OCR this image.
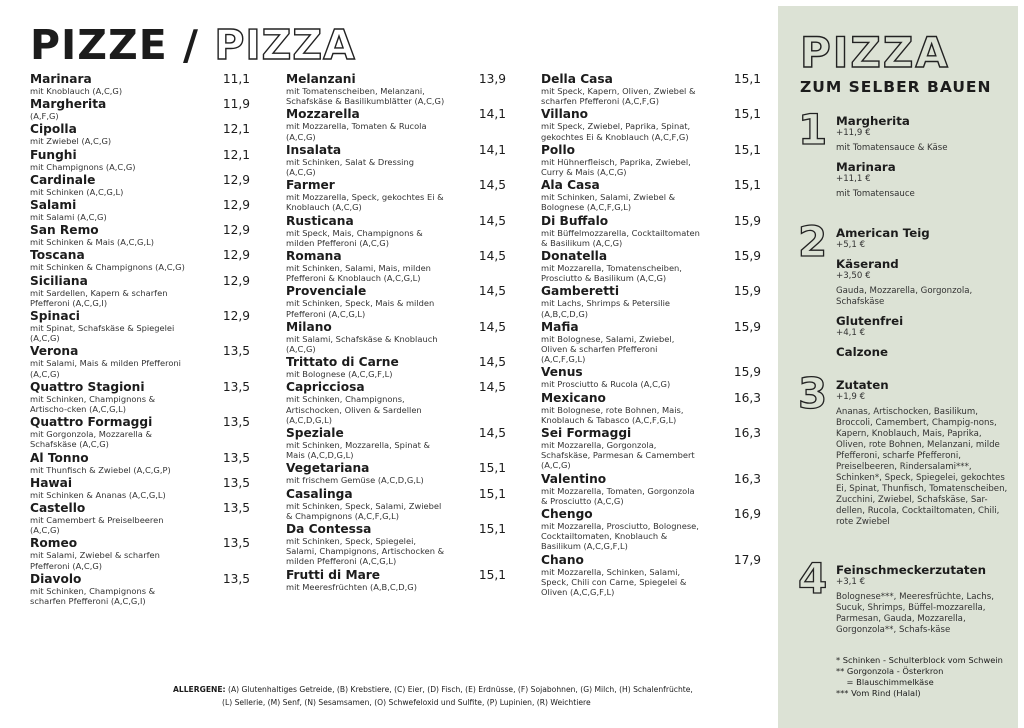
PIZZE / PIZZA
Marinara
mit Knoblauch (A,C,G)
11,1
Margherita
(A,F,G)
11,9
Cipolla
mit Zwiebel (A,C,G)
12,1
Funghi
mit Champignons (A,C,G)
12,1
Cardinale
mit Schinken (A,C,G,L)
12,9
Salami
mit Salami (A,C,G)
12,9
San Remo
mit Schinken & Mais (A,C,G,L)
12,9
Toscana
mit Schinken & Champignons (A,C,G)
12,9
Siciliana
mit Sardellen, Kapern & scharfen Pfefferoni (A,C,G,I)
12,9
Spinaci
mit Spinat, Schafskäse & Spiegelei (A,C,G)
12,9
Verona
mit Salami, Mais & milden Pfefferoni (A,C,G)
13,5
Quattro Stagioni
mit Schinken, Champignons & Artischo-cken (A,C,G,L)
13,5
Quattro Formaggi
mit Gorgonzola, Mozzarella & Schafskäse (A,C,G)
13,5
Al Tonno
mit Thunfisch & Zwiebel (A,C,G,P)
13,5
Hawai
mit Schinken & Ananas (A,C,G,L)
13,5
Castello
mit Camembert & Preiselbeeren (A,C,G)
13,5
Romeo
mit Salami, Zwiebel & scharfen Pfefferoni (A,C,G)
13,5
Diavolo
mit Schinken, Champignons & scharfen Pfefferoni (A,C,G,I)
13,5
Melanzani
mit Tomatenscheiben, Melanzani, Schafskäse & Basilikumblätter (A,C,G)
13,9
Mozzarella
mit Mozzarella, Tomaten & Rucola (A,C,G)
14,1
Insalata
mit Schinken, Salat & Dressing (A,C,G)
14,1
Farmer
mit Mozzarella, Speck, gekochtes Ei & Knoblauch (A,C,G)
14,5
Rusticana
mit Speck, Mais, Champignons & milden Pfefferoni (A,C,G)
14,5
Romana
mit Schinken, Salami, Mais, milden Pfefferoni & Knoblauch (A,C,G,L)
14,5
Provenciale
mit Schinken, Speck, Mais & milden Pfefferoni (A,C,G,L)
14,5
Milano
mit Salami, Schafskäse & Knoblauch (A,C,G)
14,5
Trittato di Carne
mit Bolognese (A,C,G,F,L)
14,5
Capricciosa
mit Schinken, Champignons, Artischocken, Oliven & Sardellen (A,C,D,G,L)
14,5
Speziale
mit Schinken, Mozzarella, Spinat & Mais (A,C,D,G,L)
14,5
Vegetariana
mit frischem Gemüse (A,C,D,G,L)
15,1
Casalinga
mit Schinken, Speck, Salami, Zwiebel & Champignons (A,C,F,G,L)
15,1
Da Contessa
mit Schinken, Speck, Spiegelei, Salami, Champignons, Artischocken & milden Pfefferoni (A,C,G,L)
15,1
Frutti di Mare
mit Meeresfrüchten (A,B,C,D,G)
15,1
Della Casa
mit Speck, Kapern, Oliven, Zwiebel & scharfen Pfefferoni (A,C,F,G)
15,1
Villano
mit Speck, Zwiebel, Paprika, Spinat, gekochtes Ei & Knoblauch (A,C,F,G)
15,1
Pollo
mit Hühnerfleisch, Paprika, Zwiebel, Curry & Mais (A,C,G)
15,1
Ala Casa
mit Schinken, Salami, Zwiebel & Bolognese (A,C,F,G,L)
15,1
Di Buffalo
mit Büffelmozzarella, Cocktailtomaten & Basilikum (A,C,G)
15,9
Donatella
mit Mozzarella, Tomatenscheiben, Prosciutto & Basilikum (A,C,G)
15,9
Gamberetti
mit Lachs, Shrimps & Petersilie (A,B,C,D,G)
15,9
Mafia
mit Bolognese, Salami, Zwiebel, Oliven & scharfen Pfefferoni (A,C,F,G,L)
15,9
Venus
mit Prosciutto & Rucola (A,C,G)
15,9
Mexicano
mit Bolognese, rote Bohnen, Mais, Knoblauch & Tabasco (A,C,F,G,L)
16,3
Sei Formaggi
mit Mozzarella, Gorgonzola, Schafskäse, Parmesan & Camembert (A,C,G)
16,3
Valentino
mit Mozzarella, Tomaten, Gorgonzola & Prosciutto (A,C,G)
16,3
Chengo
mit Mozzarella, Prosciutto, Bolognese, Cocktailtomaten, Knoblauch & Basilikum (A,C,G,F,L)
16,9
Chano
mit Mozzarella, Schinken, Salami, Speck, Chili con Carne, Spiegelei & Oliven (A,C,G,F,L)
17,9
ALLERGENE: (A) Glutenhaltiges Getreide, (B) Krebstiere, (C) Eier, (D) Fisch, (E) Erdnüsse, (F) Sojabohnen, (G) Milch, (H) Schalenfrüchte,
(L) Sellerie, (M) Senf, (N) Sesamsamen, (O) Schwefeloxid und Sulfite, (P) Lupinien, (R) Weichtiere
PIZZA
ZUM SELBER BAUEN
1 Margherita
+11,9 €
mit Tomatensauce & Käse
Marinara
+11,1 €
mit Tomatensauce
2 American Teig
+5,1 €
Käserand
+3,50 €
Gauda, Mozzarella, Gorgonzola, Schafskäse
Glutenfrei
+4,1 €
Calzone
3 Zutaten
+1,9 €
Ananas, Artischocken, Basilikum, Broccoli, Camembert, Champig-nons, Kapern, Knoblauch, Mais, Paprika, Oliven, rote Bohnen, Melanzani, milde Pfefferoni, scharfe Pfefferoni, Preiselbeeren, Rindersalami***, Schinken*, Speck, Spiegelei, gekochtes Ei, Spinat, Thunfisch, Tomatenscheiben, Zucchini, Zwiebel, Schafskäse, Sar-dellen, Rucola, Cocktailtomaten, Chili, rote Zwiebel
4 Feinschmeckerzutaten
+3,1 €
Bolognese***, Meeresfrüchte, Lachs, Sucuk, Shrimps, Büffel-mozzarella, Parmesan, Gauda, Mozzarella, Gorgonzola**, Schafs-käse
* Schinken - Schulterblock vom Schwein
** Gorgonzola - Österkron
= Blauschimmelkäse
*** Vom Rind (Halal)
